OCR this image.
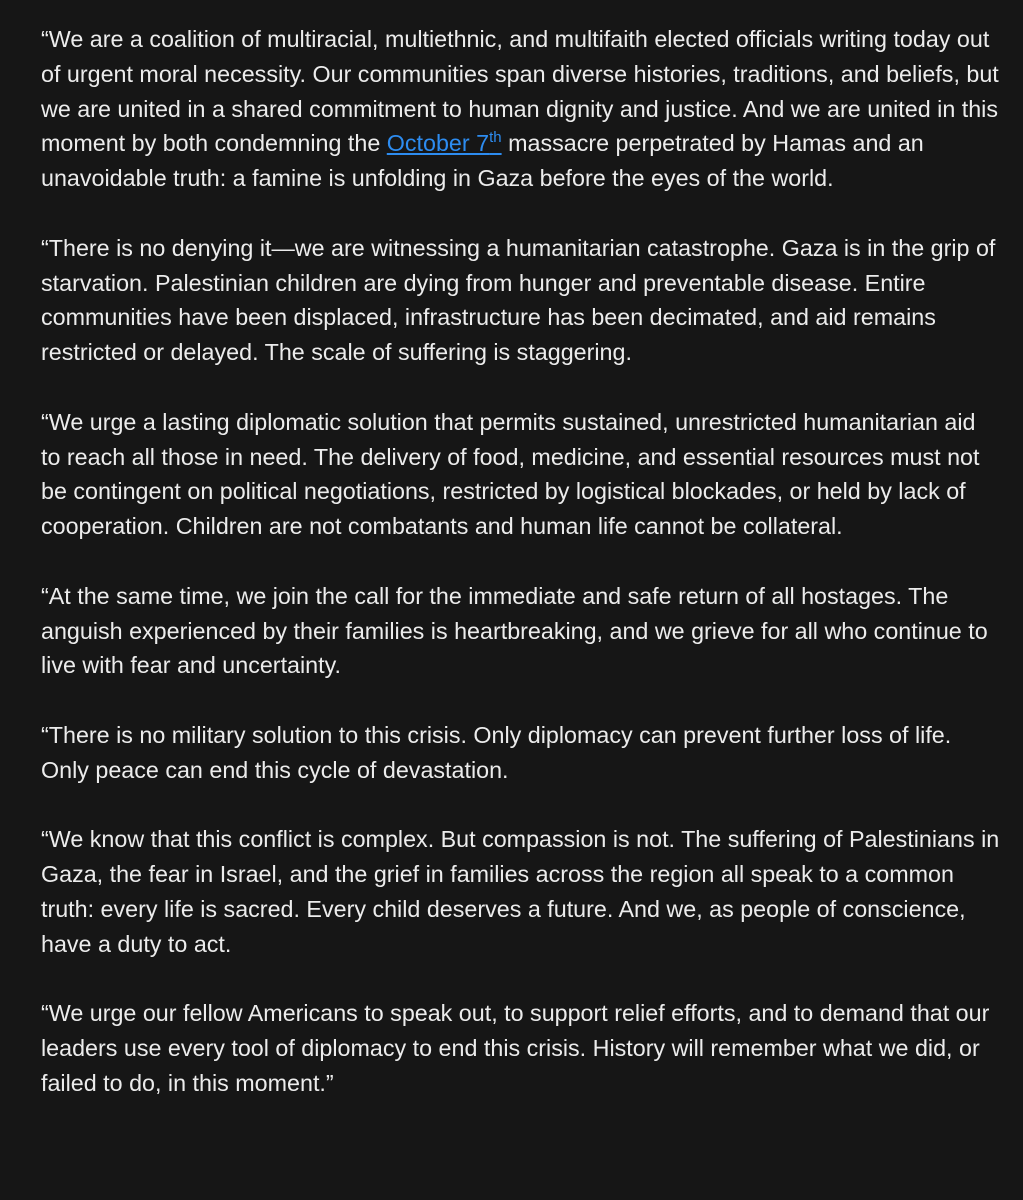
“We are a coalition of multiracial, multiethnic, and multifaith elected officials writing today out of urgent moral necessity. Our communities span diverse histories, traditions, and beliefs, but we are united in a shared commitment to human dignity and justice. And we are united in this moment by both condemning the October 7th massacre perpetrated by Hamas and an unavoidable truth: a famine is unfolding in Gaza before the eyes of the world.

“There is no denying it—we are witnessing a humanitarian catastrophe. Gaza is in the grip of starvation. Palestinian children are dying from hunger and preventable disease. Entire communities have been displaced, infrastructure has been decimated, and aid remains restricted or delayed. The scale of suffering is staggering.

“We urge a lasting diplomatic solution that permits sustained, unrestricted humanitarian aid to reach all those in need. The delivery of food, medicine, and essential resources must not be contingent on political negotiations, restricted by logistical blockades, or held by lack of cooperation. Children are not combatants and human life cannot be collateral.

“At the same time, we join the call for the immediate and safe return of all hostages. The anguish experienced by their families is heartbreaking, and we grieve for all who continue to live with fear and uncertainty.

“There is no military solution to this crisis. Only diplomacy can prevent further loss of life. Only peace can end this cycle of devastation.

“We know that this conflict is complex. But compassion is not. The suffering of Palestinians in Gaza, the fear in Israel, and the grief in families across the region all speak to a common truth: every life is sacred. Every child deserves a future. And we, as people of conscience, have a duty to act.

“We urge our fellow Americans to speak out, to support relief efforts, and to demand that our leaders use every tool of diplomacy to end this crisis. History will remember what we did, or failed to do, in this moment.”
